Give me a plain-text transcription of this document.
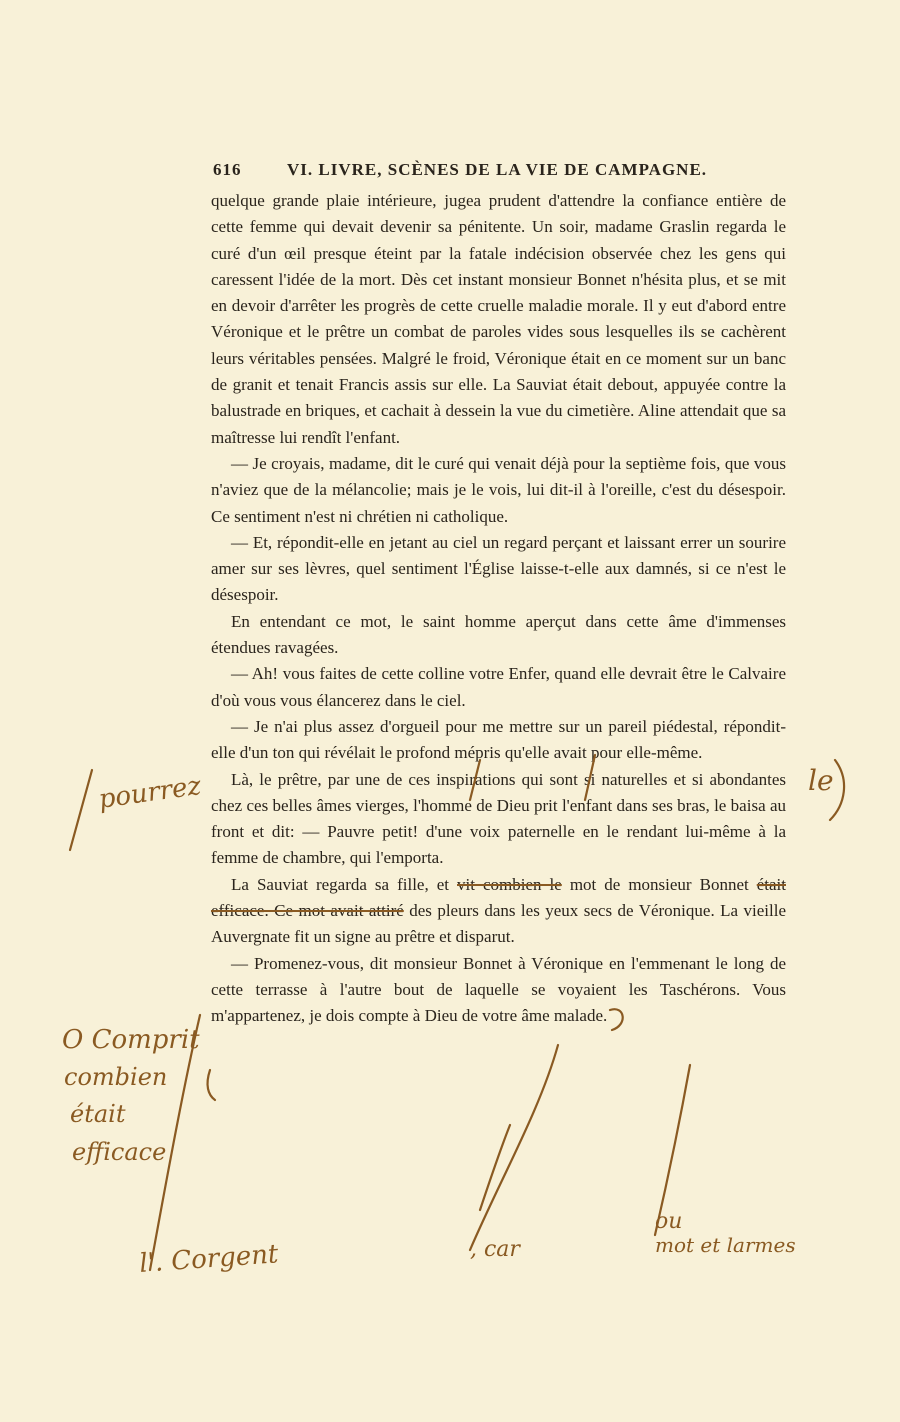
616	VI. LIVRE, SCÈNES DE LA VIE DE CAMPAGNE.

quelque grande plaie intérieure, jugea prudent d'attendre la confiance entière de cette femme qui devait devenir sa pénitente. Un soir, madame Graslin regarda le curé d'un œil presque éteint par la fatale indécision observée chez les gens qui caressent l'idée de la mort. Dès cet instant monsieur Bonnet n'hésita plus, et se mit en devoir d'arrêter les progrès de cette cruelle maladie morale. Il y eut d'abord entre Véronique et le prêtre un combat de paroles vides sous lesquelles ils se cachèrent leurs véritables pensées. Malgré le froid, Véronique était en ce moment sur un banc de granit et tenait Francis assis sur elle. La Sauviat était debout, appuyée contre la balustrade en briques, et cachait à dessein la vue du cimetière. Aline attendait que sa maîtresse lui rendît l'enfant.

— Je croyais, madame, dit le curé qui venait déjà pour la septième fois, que vous n'aviez que de la mélancolie; mais je le vois, lui dit-il à l'oreille, c'est du désespoir. Ce sentiment n'est ni chrétien ni catholique.

— Et, répondit-elle en jetant au ciel un regard perçant et laissant errer un sourire amer sur ses lèvres, quel sentiment l'Église laisse-t-elle aux damnés, si ce n'est le désespoir.

En entendant ce mot, le saint homme aperçut dans cette âme d'immenses étendues ravagées.

— Ah! vous faites de cette colline votre Enfer, quand elle devrait être le Calvaire d'où vous vous élancerez dans le ciel.

— Je n'ai plus assez d'orgueil pour me mettre sur un pareil piédestal, répondit-elle d'un ton qui révélait le profond mépris qu'elle avait pour elle-même.

Là, le prêtre, par une de ces inspirations qui sont si naturelles et si abondantes chez ces belles âmes vierges, l'homme de Dieu prit l'enfant dans ses bras, le baisa au front et dit: — Pauvre petit! d'une voix paternelle en le rendant lui-même à la femme de chambre, qui l'emporta.

La Sauviat regarda sa fille, et vit combien le mot de monsieur Bonnet était efficace. Ce mot avait attiré des pleurs dans les yeux secs de Véronique. La vieille Auvergnate fit un signe au prêtre et disparut.

— Promenez-vous, dit monsieur Bonnet à Véronique en l'emmenant le long de cette terrasse à l'autre bout de laquelle se voyaient les Taschérons. Vous m'appartenez, je dois compte à Dieu de votre âme malade.

pourrez	le
O Comprit
combien
était
efficace
l'. Corgent	, car
ou
mot et larmes
